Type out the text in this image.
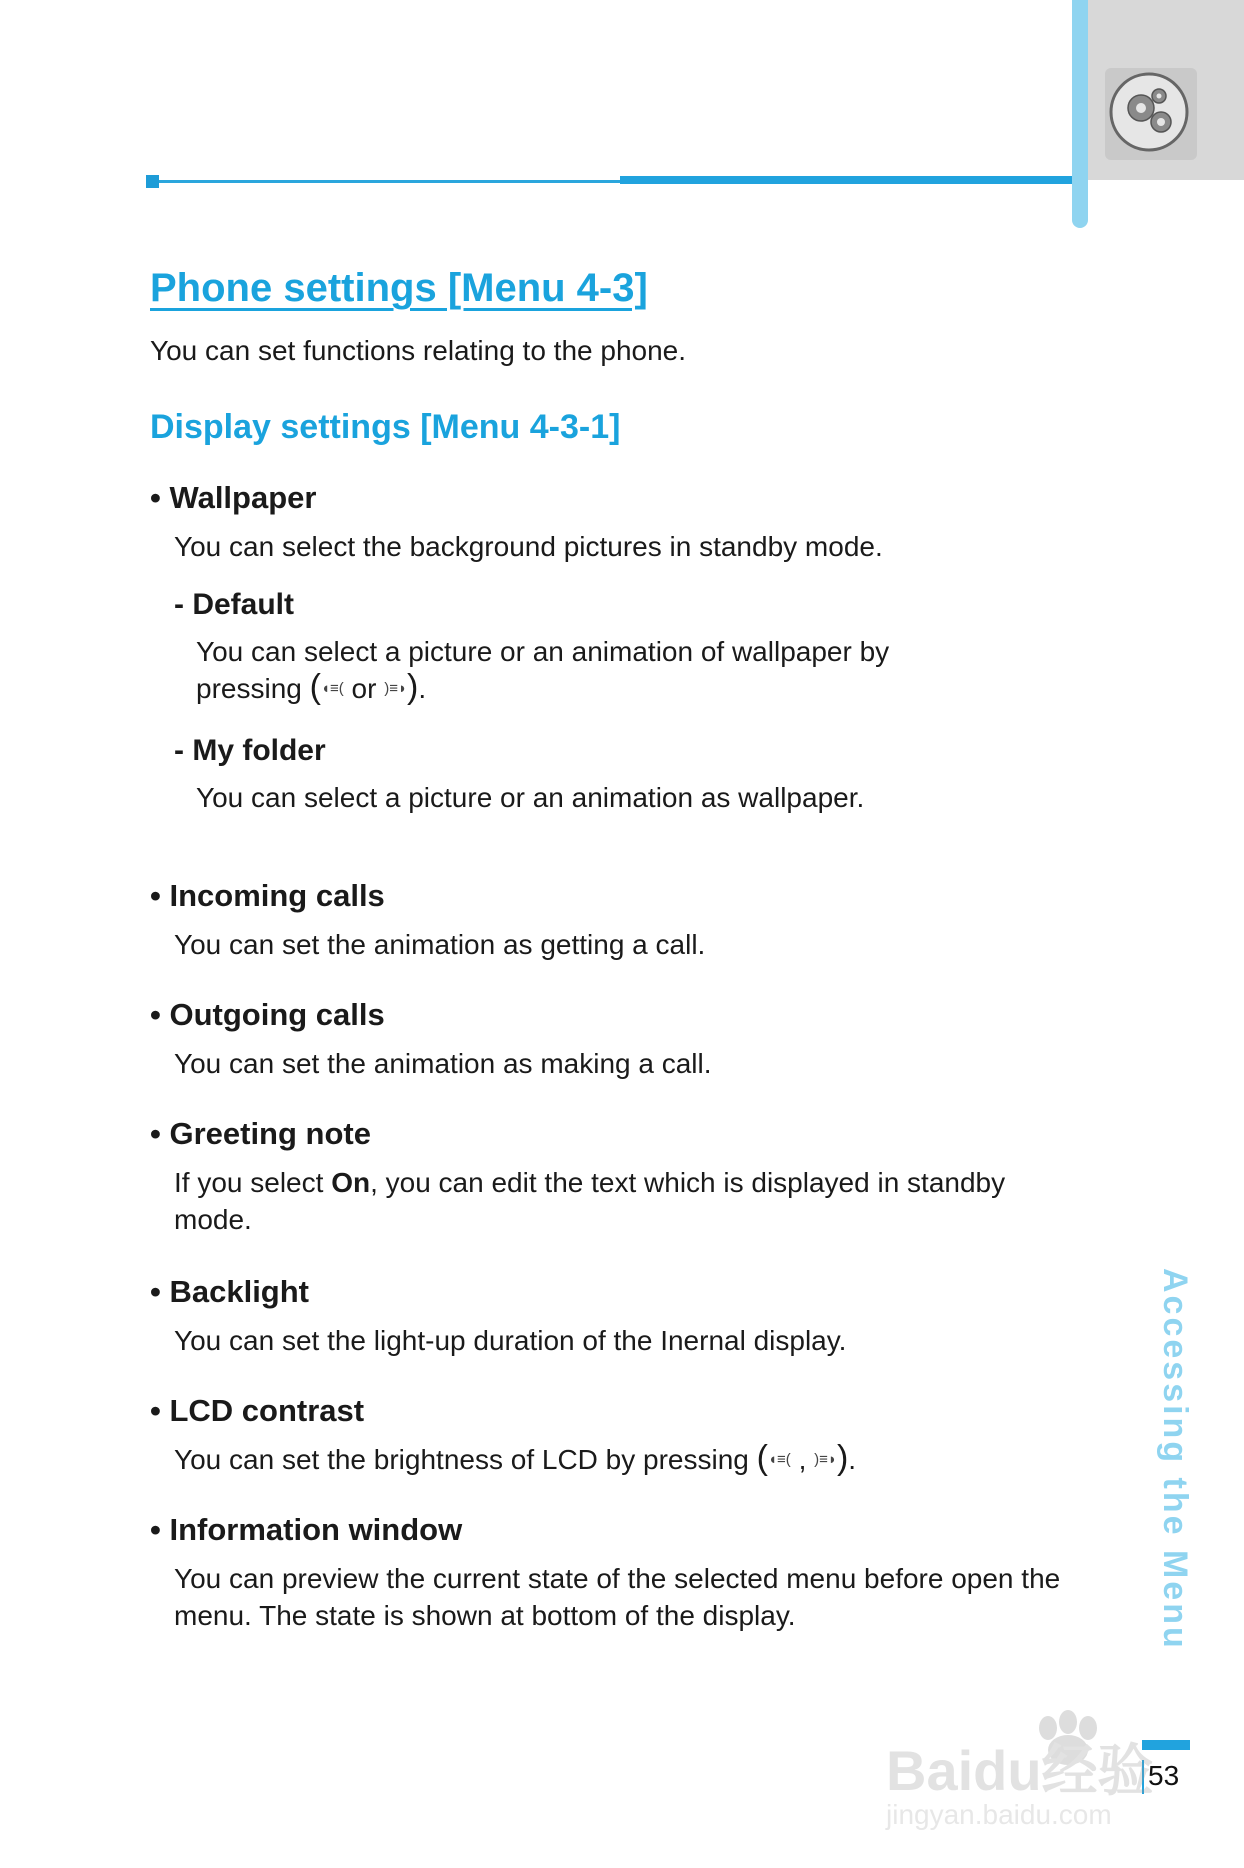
Phone settings [Menu 4-3]
You can set functions relating to the phone.
Display settings [Menu 4-3-1]
• Wallpaper
You can select the background pictures in standby mode.
- Default
You can select a picture or an animation of wallpaper by
pressing (◖≡( or )≡◗).
- My folder
You can select a picture or an animation as wallpaper.
• Incoming calls
You can set the animation as getting a call.
• Outgoing calls
You can set the animation as making a call.
• Greeting note
If you select On, you can edit the text which is displayed in standby mode.
• Backlight
You can set the light-up duration of the Inernal display.
• LCD contrast
You can set the brightness of LCD by pressing (◖≡( , )≡◗).
• Information window
You can preview the current state of the selected menu before open the menu. The state is shown at bottom of the display.	Accessing the Menu
53
Baidu经验
jingyan.baidu.com
